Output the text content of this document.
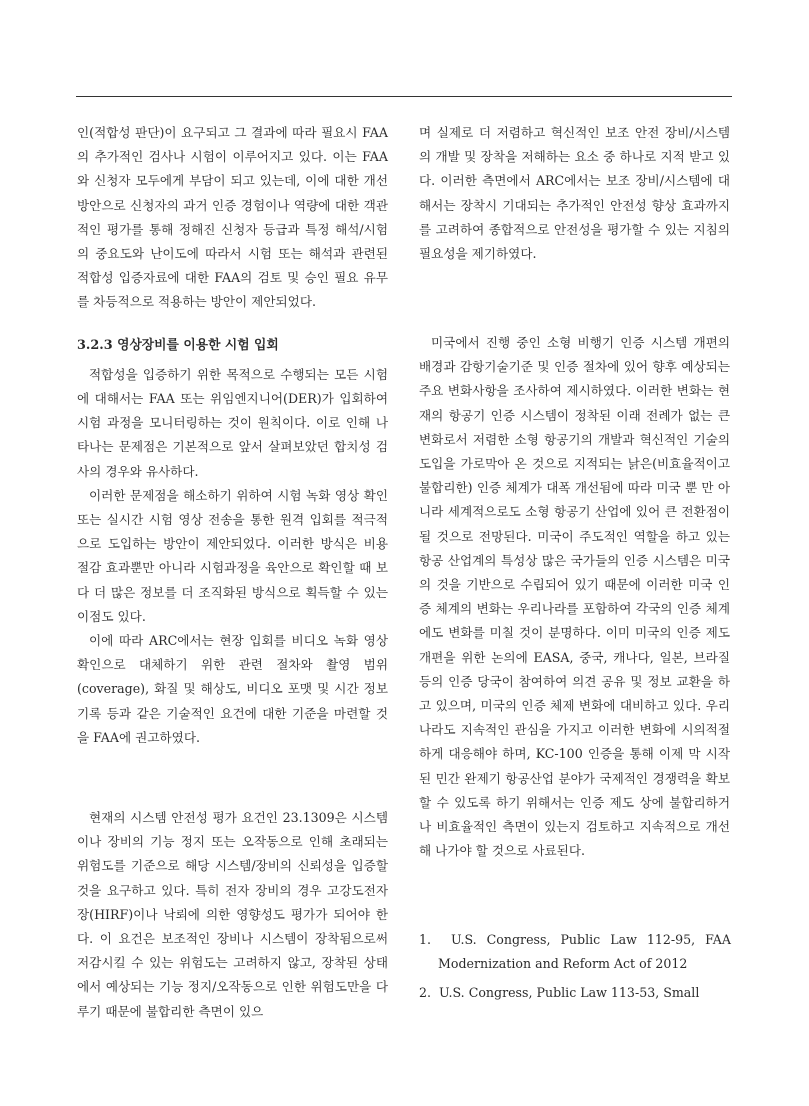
인(적합성 판단)이 요구되고 그 결과에 따라 필요시 FAA의 추가적인 검사나 시험이 이루어지고 있다. 이는 FAA와 신청자 모두에게 부담이 되고 있는데, 이에 대한 개선 방안으로 신청자의 과거 인증 경험이나 역량에 대한 객관적인 평가를 통해 정해진 신청자 등급과 특정 해석/시험의 중요도와 난이도에 따라서 시험 또는 해석과 관련된 적합성 입증자료에 대한 FAA의 검토 및 승인 필요 유무를 차등적으로 적용하는 방안이 제안되었다.

3.2.3 영상장비를 이용한 시험 입회

적합성을 입증하기 위한 목적으로 수행되는 모든 시험에 대해서는 FAA 또는 위임엔지니어(DER)가 입회하여 시험 과정을 모니터링하는 것이 원칙이다. 이로 인해 나타나는 문제점은 기본적으로 앞서 살펴보았던 합치성 검사의 경우와 유사하다.

이러한 문제점을 해소하기 위하여 시험 녹화 영상 확인 또는 실시간 시험 영상 전송을 통한 원격 입회를 적극적으로 도입하는 방안이 제안되었다. 이러한 방식은 비용 절감 효과뿐만 아니라 시험과정을 육안으로 확인할 때 보다 더 많은 정보를 더 조직화된 방식으로 획득할 수 있는 이점도 있다.

이에 따라 ARC에서는 현장 입회를 비디오 녹화 영상 확인으로 대체하기 위한 관련 절차와 촬영 범위(coverage), 화질 및 해상도, 비디오 포맷 및 시간 정보 기록 등과 같은 기술적인 요건에 대한 기준을 마련할 것을 FAA에 권고하였다.

현재의 시스템 안전성 평가 요건인 23.1309은 시스템이나 장비의 기능 정지 또는 오작동으로 인해 초래되는 위험도를 기준으로 해당 시스템/장비의 신뢰성을 입증할 것을 요구하고 있다. 특히 전자 장비의 경우 고강도전자장(HIRF)이나 낙뢰에 의한 영향성도 평가가 되어야 한다. 이 요건은 보조적인 장비나 시스템이 장착됨으로써 저감시킬 수 있는 위험도는 고려하지 않고, 장착된 상태에서 예상되는 기능 정지/오작동으로 인한 위험도만을 다루기 때문에 불합리한 측면이 있으

며 실제로 더 저렴하고 혁신적인 보조 안전 장비/시스템의 개발 및 장착을 저해하는 요소 중 하나로 지적 받고 있다. 이러한 측면에서 ARC에서는 보조 장비/시스템에 대해서는 장착시 기대되는 추가적인 안전성 향상 효과까지를 고려하여 종합적으로 안전성을 평가할 수 있는 지침의 필요성을 제기하였다.

미국에서 진행 중인 소형 비행기 인증 시스템 개편의 배경과 감항기술기준 및 인증 절차에 있어 향후 예상되는 주요 변화사항을 조사하여 제시하였다. 이러한 변화는 현재의 항공기 인증 시스템이 정착된 이래 전례가 없는 큰 변화로서 저렴한 소형 항공기의 개발과 혁신적인 기술의 도입을 가로막아 온 것으로 지적되는 낡은(비효율적이고 불합리한) 인증 체계가 대폭 개선됨에 따라 미국 뿐 만 아니라 세계적으로도 소형 항공기 산업에 있어 큰 전환점이 될 것으로 전망된다. 미국이 주도적인 역할을 하고 있는 항공 산업계의 특성상 많은 국가들의 인증 시스템은 미국의 것을 기반으로 수립되어 있기 때문에 이러한 미국 인증 체계의 변화는 우리나라를 포함하여 각국의 인증 체계에도 변화를 미칠 것이 분명하다. 이미 미국의 인증 제도 개편을 위한 논의에 EASA, 중국, 캐나다, 일본, 브라질 등의 인증 당국이 참여하여 의견 공유 및 정보 교환을 하고 있으며, 미국의 인증 체제 변화에 대비하고 있다. 우리나라도 지속적인 관심을 가지고 이러한 변화에 시의적절하게 대응해야 하며, KC-100 인증을 통해 이제 막 시작된 민간 완제기 항공산업 분야가 국제적인 경쟁력을 확보할 수 있도록 하기 위해서는 인증 제도 상에 불합리하거나 비효율적인 측면이 있는지 검토하고 지속적으로 개선해 나가야 할 것으로 사료된다.

1. U.S. Congress, Public Law 112-95, FAA Modernization and Reform Act of 2012

2. U.S. Congress, Public Law 113-53, Small
